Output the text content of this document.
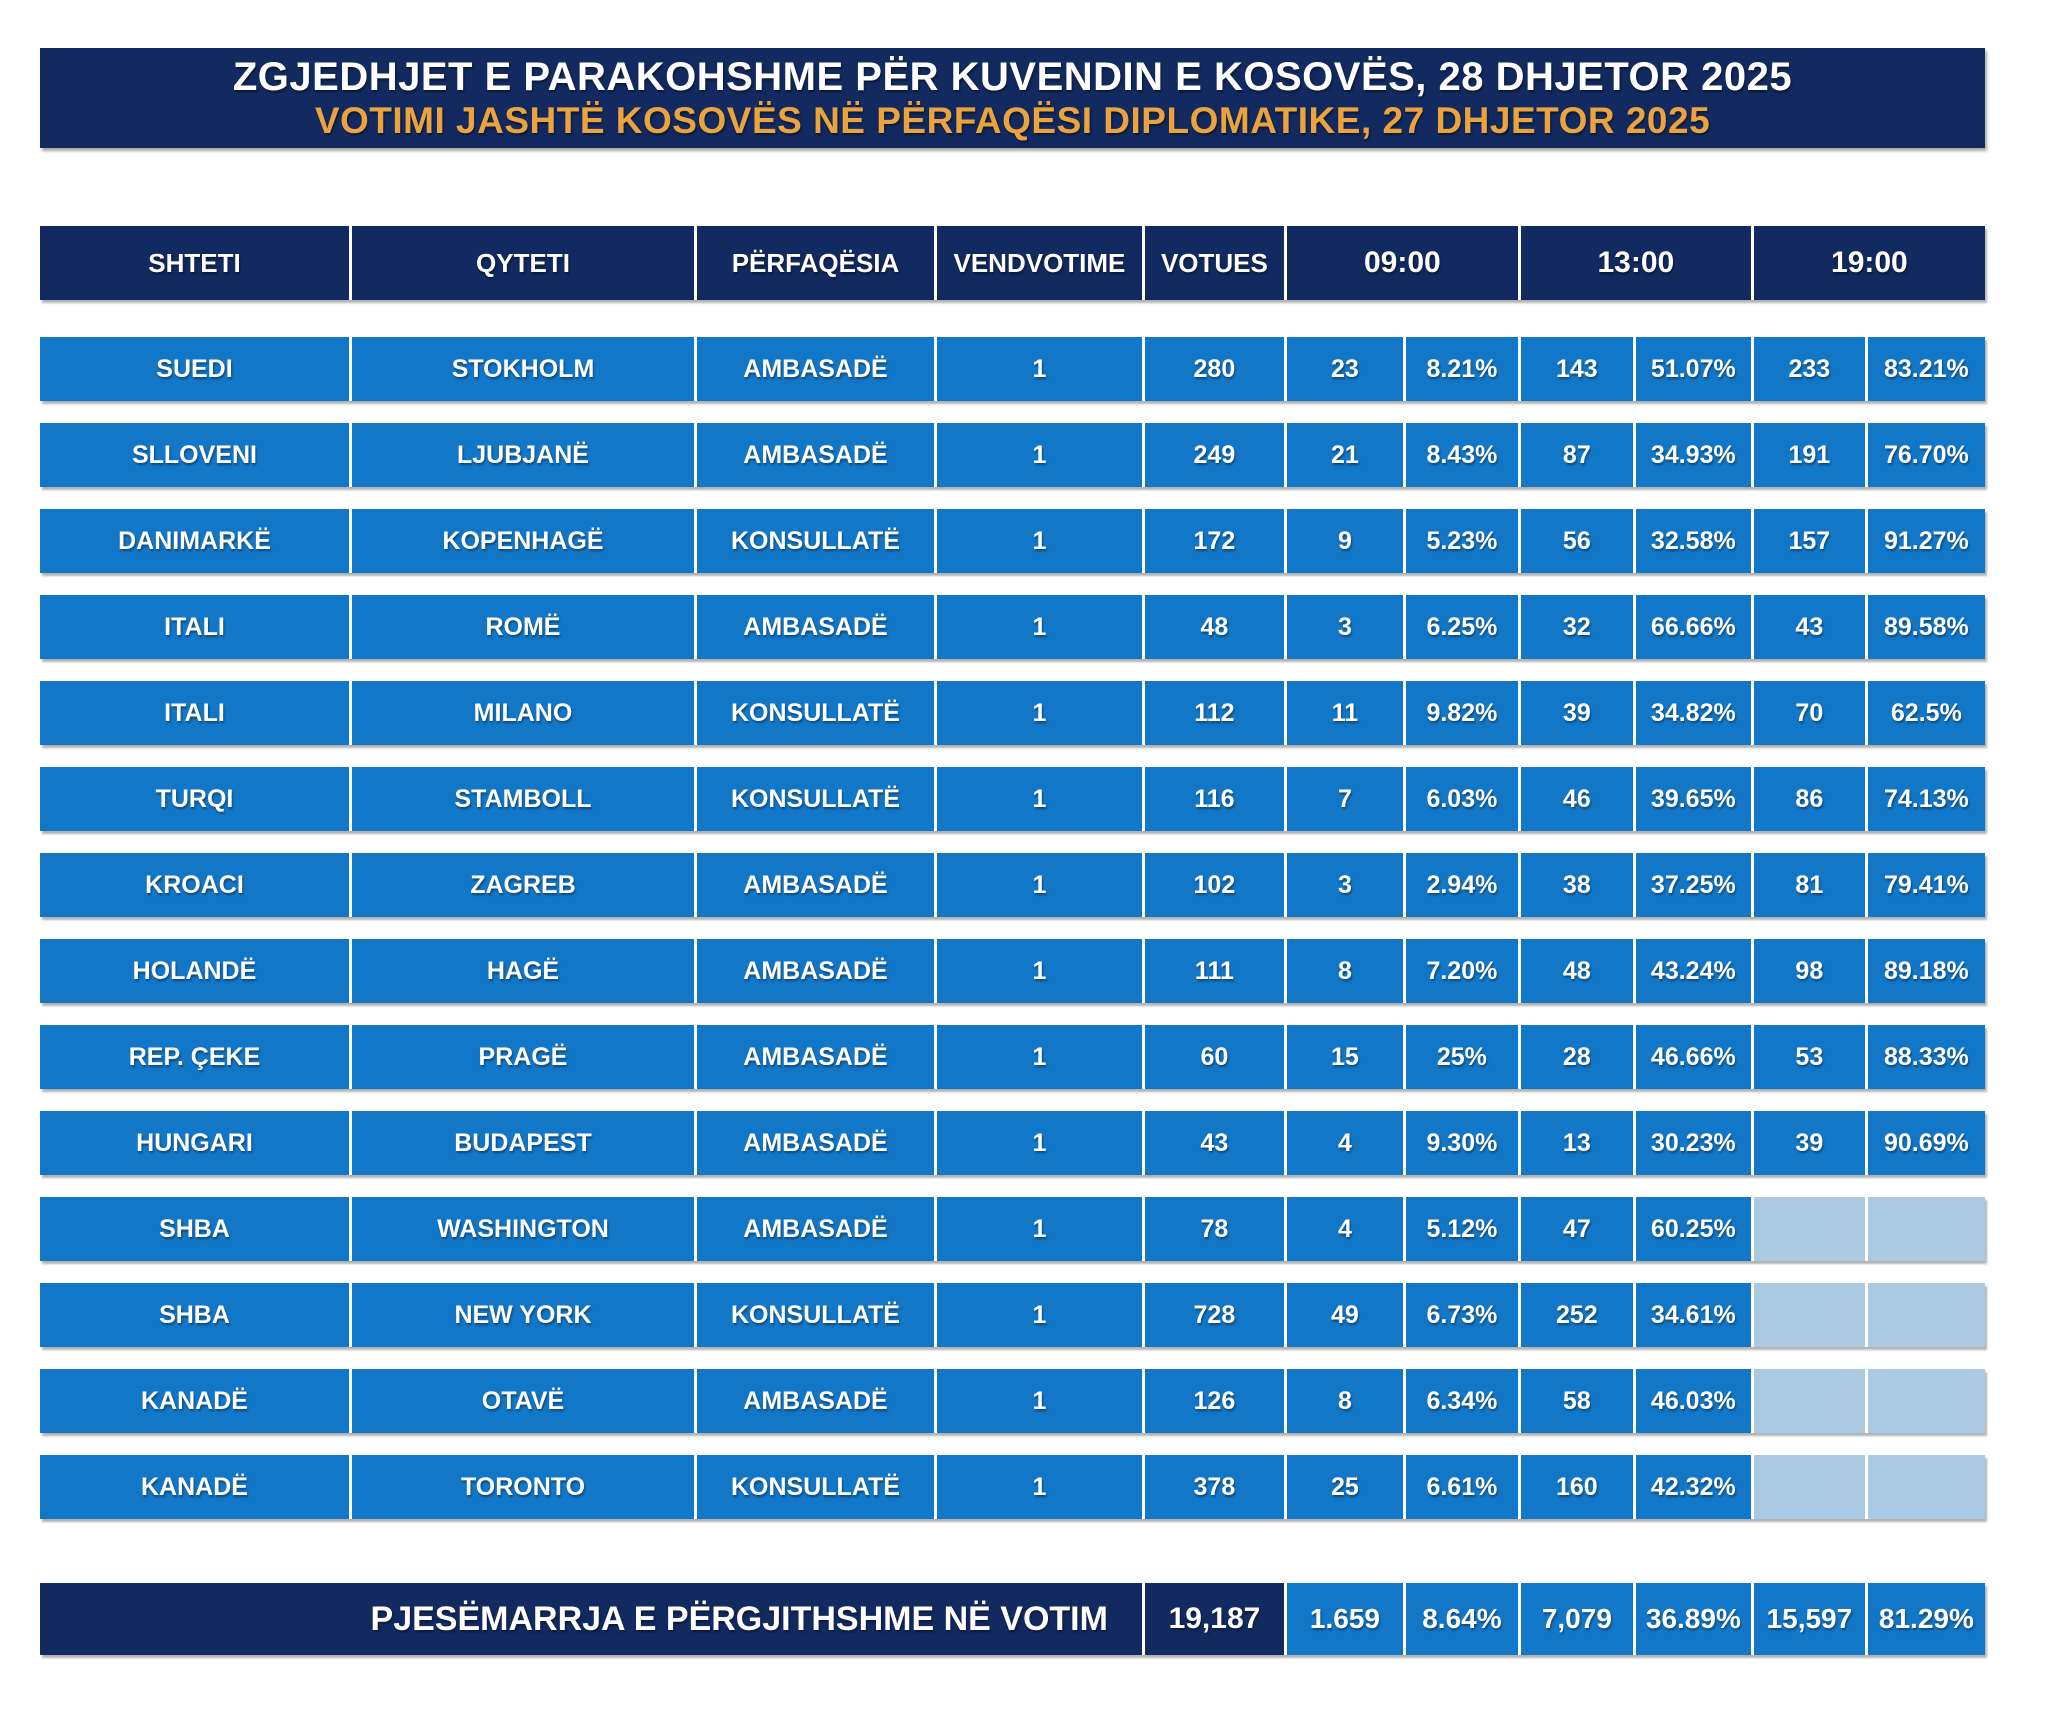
ZGJEDHJET E PARAKOHSHME PËR KUVENDIN E KOSOVËS, 28 DHJETOR 2025
VOTIMI JASHTË KOSOVËS NË PËRFAQËSI DIPLOMATIKE, 27 DHJETOR 2025
SHTETI	QYTETI	PËRFAQËSIA	VENDVOTIME	VOTUES	09:00	13:00	19:00
SUEDI	STOKHOLM	AMBASADË	1	280	23	8.21%	143	51.07%	233	83.21%
SLLOVENI	LJUBJANË	AMBASADË	1	249	21	8.43%	87	34.93%	191	76.70%
DANIMARKË	KOPENHAGË	KONSULLATË	1	172	9	5.23%	56	32.58%	157	91.27%
ITALI	ROMË	AMBASADË	1	48	3	6.25%	32	66.66%	43	89.58%
ITALI	MILANO	KONSULLATË	1	112	11	9.82%	39	34.82%	70	62.5%
TURQI	STAMBOLL	KONSULLATË	1	116	7	6.03%	46	39.65%	86	74.13%
KROACI	ZAGREB	AMBASADË	1	102	3	2.94%	38	37.25%	81	79.41%
HOLANDË	HAGË	AMBASADË	1	111	8	7.20%	48	43.24%	98	89.18%
REP. ÇEKE	PRAGË	AMBASADË	1	60	15	25%	28	46.66%	53	88.33%
HUNGARI	BUDAPEST	AMBASADË	1	43	4	9.30%	13	30.23%	39	90.69%
SHBA	WASHINGTON	AMBASADË	1	78	4	5.12%	47	60.25%
SHBA	NEW YORK	KONSULLATË	1	728	49	6.73%	252	34.61%
KANADË	OTAVË	AMBASADË	1	126	8	6.34%	58	46.03%
KANADË	TORONTO	KONSULLATË	1	378	25	6.61%	160	42.32%
PJESËMARRJA E PËRGJITHSHME NË VOTIM	19,187	1.659	8.64%	7,079	36.89% 15,597 81.29%
